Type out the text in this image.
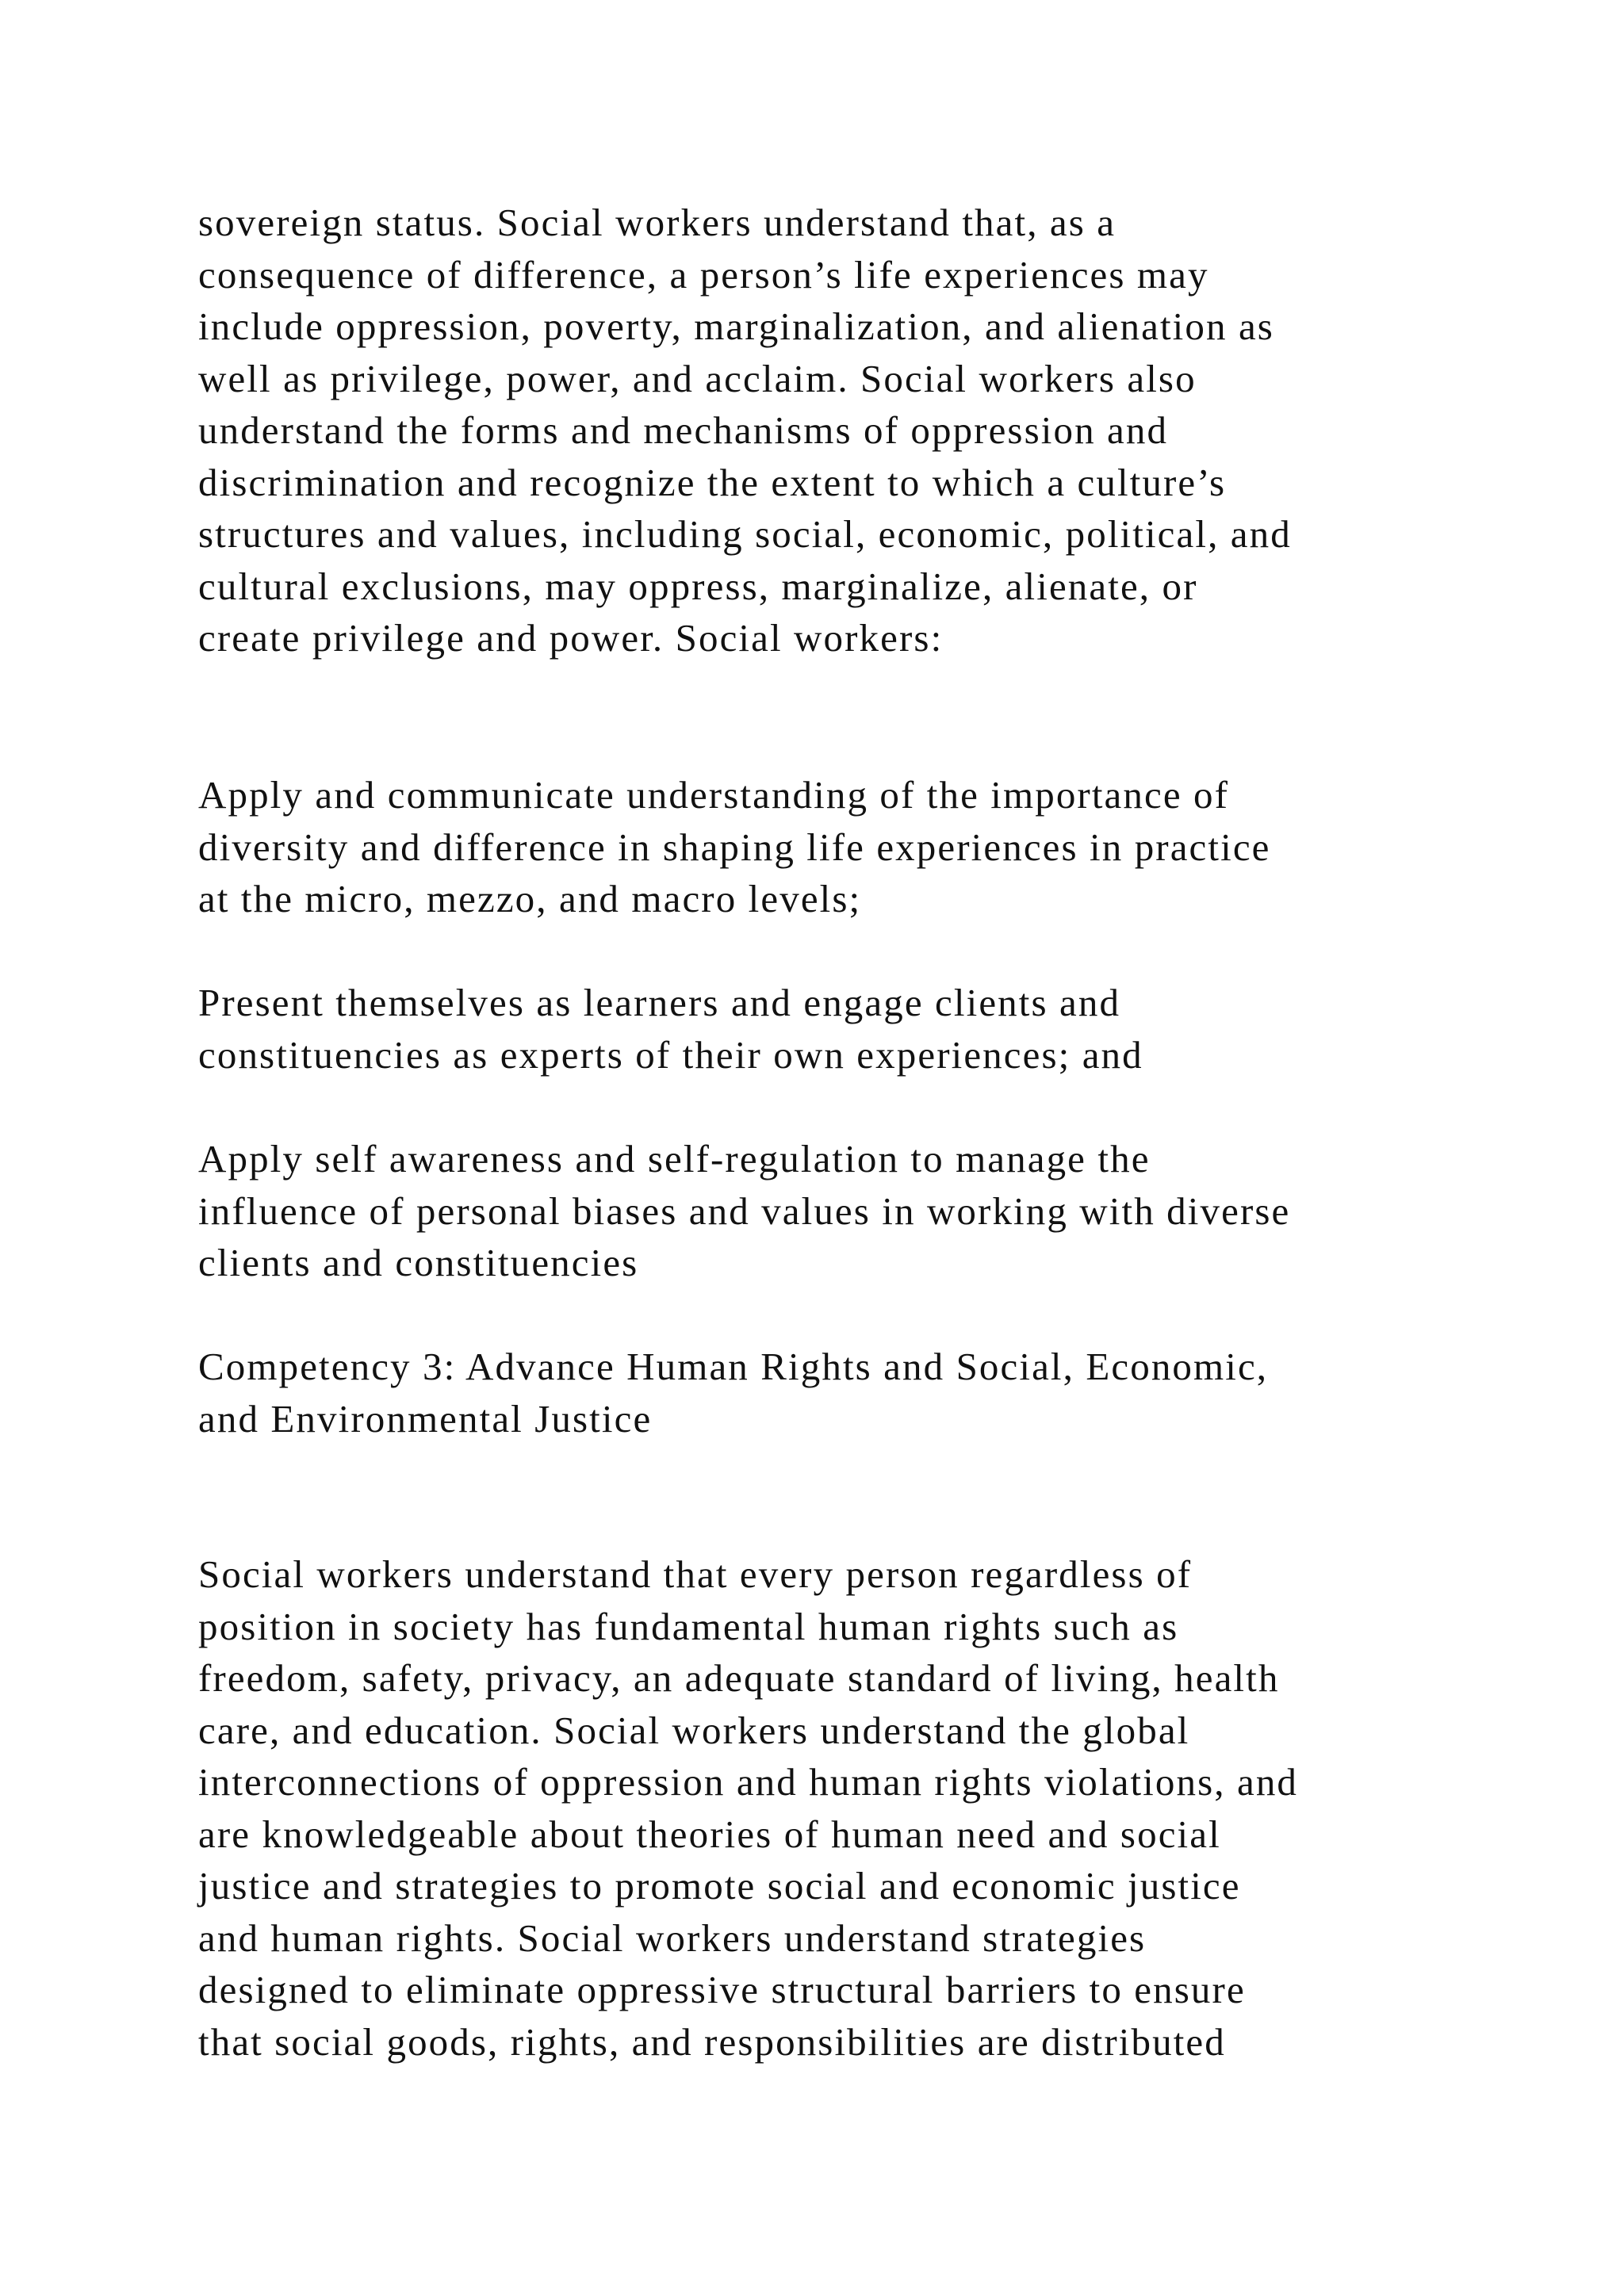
sovereign status. Social workers understand that, as a
consequence of difference, a person’s life experiences may
include oppression, poverty, marginalization, and alienation as
well as privilege, power, and acclaim. Social workers also
understand the forms and mechanisms of oppression and
discrimination and recognize the extent to which a culture’s
structures and values, including social, economic, political, and
cultural exclusions, may oppress, marginalize, alienate, or
create privilege and power. Social workers:

Apply and communicate understanding of the importance of
diversity and difference in shaping life experiences in practice
at the micro, mezzo, and macro levels;

Present themselves as learners and engage clients and
constituencies as experts of their own experiences; and

Apply self awareness and self-regulation to manage the
influence of personal biases and values in working with diverse
clients and constituencies

Competency 3: Advance Human Rights and Social, Economic,
and Environmental Justice

Social workers understand that every person regardless of
position in society has fundamental human rights such as
freedom, safety, privacy, an adequate standard of living, health
care, and education. Social workers understand the global
interconnections of oppression and human rights violations, and
are knowledgeable about theories of human need and social
justice and strategies to promote social and economic justice
and human rights. Social workers understand strategies
designed to eliminate oppressive structural barriers to ensure
that social goods, rights, and responsibilities are distributed
